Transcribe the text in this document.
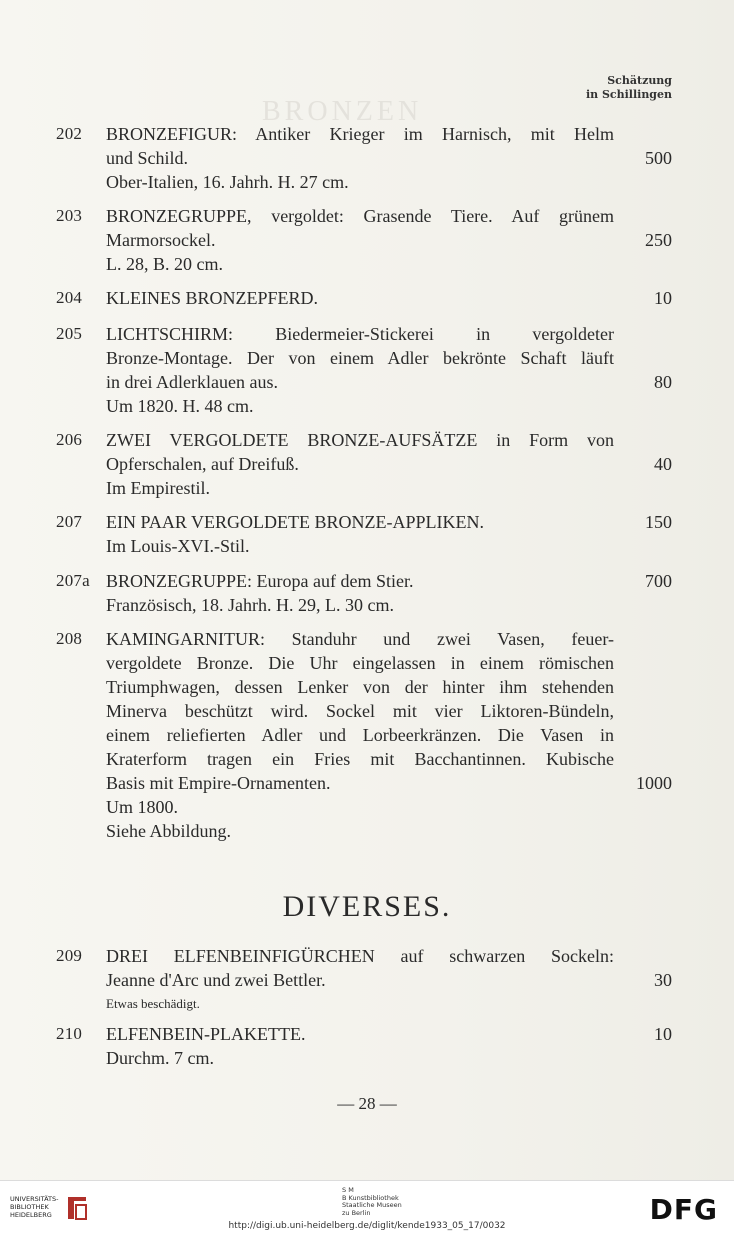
BRONZEN
Schätzung
in Schillingen
202 BRONZEFIGUR: Antiker Krieger im Harnisch, mit Helm
und Schild.
Ober-Italien, 16. Jahrh. H. 27 cm.
500
203 BRONZEGRUPPE, vergoldet: Grasende Tiere. Auf grünem
Marmorsockel.
L. 28, B. 20 cm.
250
204 KLEINES BRONZEPFERD.	10
205 LICHTSCHIRM: Biedermeier-Stickerei in vergoldeter
Bronze-Montage. Der von einem Adler bekrönte Schaft läuft
in drei Adlerklauen aus.
Um 1820. H. 48 cm.
80
206 ZWEI VERGOLDETE BRONZE-AUFSÄTZE in Form von
Opferschalen, auf Dreifuß.
Im Empirestil.
40
207 EIN PAAR VERGOLDETE BRONZE-APPLIKEN.
Im Louis-XVI.-Stil.
150
207a BRONZEGRUPPE: Europa auf dem Stier.
Französisch, 18. Jahrh. H. 29, L. 30 cm.
700
208 KAMINGARNITUR: Standuhr und zwei Vasen, feuer-
vergoldete Bronze. Die Uhr eingelassen in einem römischen
Triumphwagen, dessen Lenker von der hinter ihm stehenden
Minerva beschützt wird. Sockel mit vier Liktoren-Bündeln,
einem reliefierten Adler und Lorbeerkränzen. Die Vasen in
Kraterform tragen ein Fries mit Bacchantinnen. Kubische
Basis mit Empire-Ornamenten.
Um 1800.
Siehe Abbildung.
1000
DIVERSES.
209 DREI ELFENBEINFIGÜRCHEN auf schwarzen Sockeln:
Jeanne d'Arc und zwei Bettler.
Etwas beschädigt.
30
210 ELFENBEIN-PLAKETTE.
Durchm. 7 cm.
10
— 28 —
UNIVERSITÄTS-
BIBLIOTHEK
HEIDELBERG
S M
B Kunstbibliothek
Staatliche Museen
zu Berlin	DFG
http://digi.ub.uni-heidelberg.de/diglit/kende1933_05_17/0032
